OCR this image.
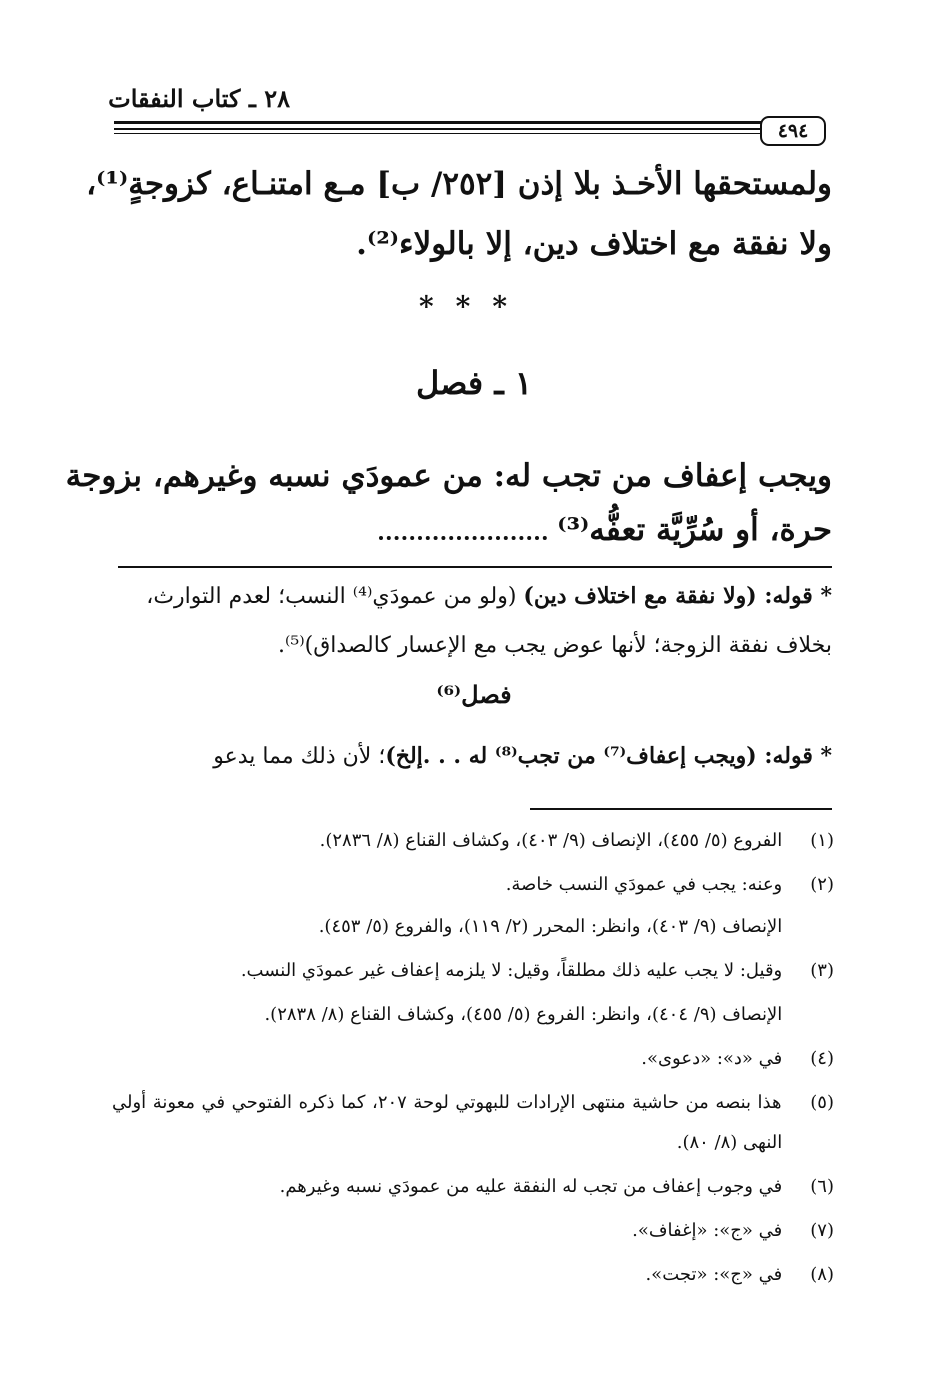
٢٨ ـ كتاب النفقات
٤٩٤
ولمستحقها الأخـذ بلا إذن [٢٥٢/ ب] مـع امتنـاع، كزوجةٍ⁽¹⁾،
ولا نفقة مع اختلاف دين، إلا بالولاء⁽²⁾.
***
١ ـ فصل
ويجب إعفاف من تجب له: من عمودَي نسبه وغيرهم، بزوجة
حرة، أو سُرِّيَّة تعفُّه⁽³⁾
* قوله: (ولا نفقة مع اختلاف دين) (ولو من عمودَي⁽⁴⁾ النسب؛ لعدم التوارث،
بخلاف نفقة الزوجة؛ لأنها عوض يجب مع الإعسار كالصداق)⁽⁵⁾.
فصل⁽⁶⁾
* قوله: (ويجب إعفاف⁽⁷⁾ من تجب⁽⁸⁾ له . . .إلخ)؛ لأن ذلك مما يدعو
(١) الفروع (٥/ ٤٥٥)، الإنصاف (٩/ ٤٠٣)، وكشاف القناع (٨/ ٢٨٣٦).
(٢) وعنه: يجب في عمودَي النسب خاصة.
الإنصاف (٩/ ٤٠٣)، وانظر: المحرر (٢/ ١١٩)، والفروع (٥/ ٤٥٣).
(٣) وقيل: لا يجب عليه ذلك مطلقاً، وقيل: لا يلزمه إعفاف غير عمودَي النسب.
الإنصاف (٩/ ٤٠٤)، وانظر: الفروع (٥/ ٤٥٥)، وكشاف القناع (٨/ ٢٨٣٨).
(٤) في «د»: «دعوى».
(٥) هذا بنصه من حاشية منتهى الإرادات للبهوتي لوحة ٢٠٧، كما ذكره الفتوحي في معونة أولي
النهى (٨/ ٨٠).
(٦) في وجوب إعفاف من تجب له النفقة عليه من عمودَي نسبه وغيرهم.
(٧) في «ج»: «إغفاف».
(٨) في «ج»: «تجت».
